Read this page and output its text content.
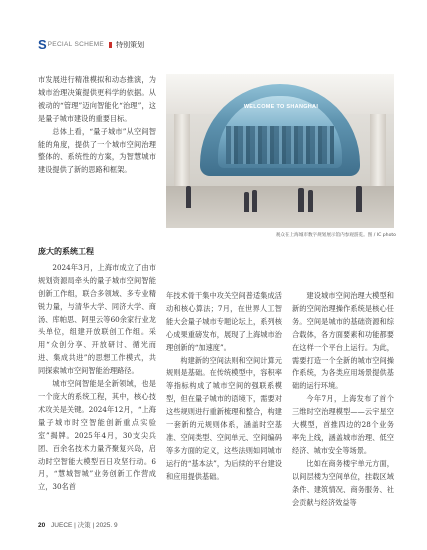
S PECIAL SCHEME 特别策划

市发展进行精准模拟和动态推演，为城市治理决策提供更科学的依据。从被动的“管理”迈向智能化“治理”，这是量子城市建设的重要目标。

总体上看，“量子城市”从空间智能的角度，提供了一个城市空间治理整体的、系统性的方案，为智慧城市建设提供了新的思路和框架。

庞大的系统工程

2024年3月，上海市成立了由市规划资源局牵头的量子城市空间智能创新工作组，联合多领域、多专业精锐力量，与清华大学、同济大学、商汤、库帕思、阿里云等60余家行业龙头单位，组建开放联创工作组。采用“众创分享、开放研讨、循光而进、集成共进”的思想工作模式，共同探索城市空间智能治理路径。

城市空间智能是全新领域，也是一个庞大的系统工程，其中，核心技术攻关是关键。2024年12月，“上海量子城市时空智能创新重点实验室”揭牌。2025年4月，30支尖兵团、百余名技术力量齐聚复兴岛，启动时空智能大模型百日攻坚行动。6月，“慧城智城”业务创新工作营成立，30名首

WELCOME TO SHANGHAI
观众在上海城市数字规划展示馆内参观游览。图 / IC photo

年技术骨干集中攻关空间普适集成活动和核心算法；7月，在世界人工智能大会量子城市专题论坛上，系列核心成果重磅发布，展现了上海城市治理创新的“加速度”。

构建新的空间法则和空间计算元规则是基础。在传统模型中，容积率等指标构成了城市空间的强联系模型，但在量子城市的语境下，需要对这些规则进行重新梳理和整合，构建一套新的元规则体系，涵盖时空基准、空间类型、空间单元、空间编码等多方面的定义，这些法则如同城市运行的“基本法”，为后续的平台建设和应用提供基础。

建设城市空间治理大模型和新的空间治理操作系统是核心任务。空间是城市的基础资源和综合载体，各方面要素和功能都要在这样一个平台上运行。为此，需要打造一个全新的城市空间操作系统，为各类应用场景提供基础的运行环境。

今年7月，上海发布了首个三维时空治理模型——云宇星空大模型，首推四边的28个业务率先上线，涵盖城市治理、低空经济、城市安全等场景。

比如在商务楼宇单元方面，以间层楼为空间单位，挂载区域条件、建筑情况、商务服务、社会贡献与经济效益等

20 JUECE | 决策 | 2025. 9
